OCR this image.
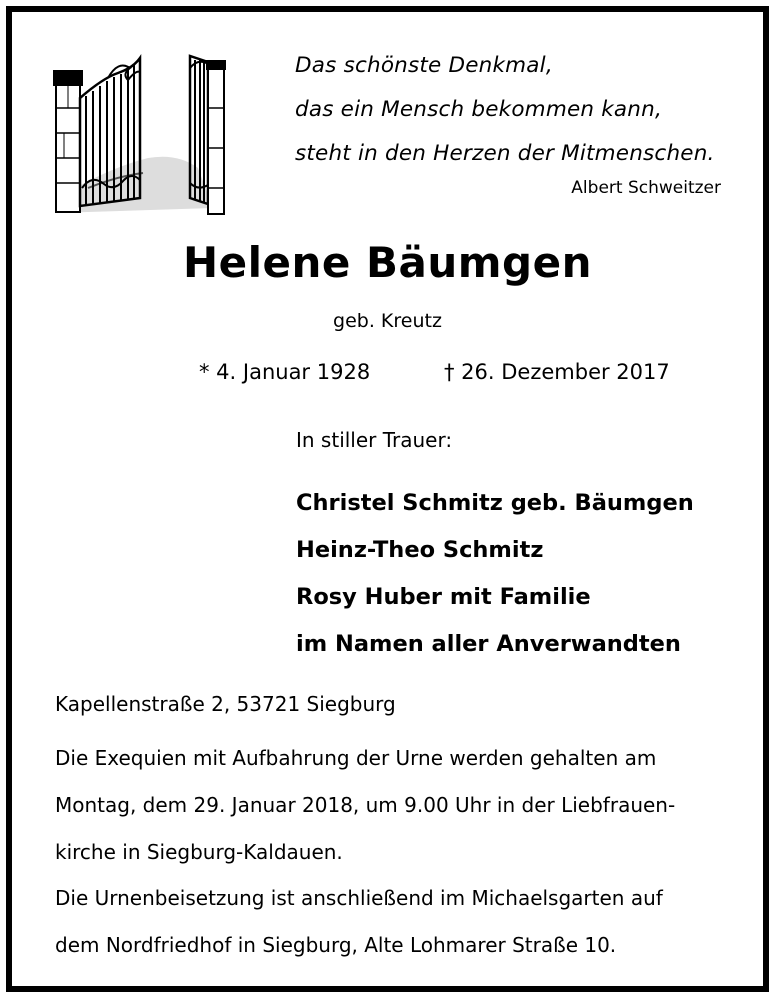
Das schönste Denkmal,
das ein Mensch bekommen kann,
steht in den Herzen der Mitmenschen.
Albert Schweitzer
Helene Bäumgen
geb. Kreutz
* 4. Januar 1928	† 26. Dezember 2017
In stiller Trauer:
Christel Schmitz geb. Bäumgen
Heinz-Theo Schmitz
Rosy Huber mit Familie
im Namen aller Anverwandten
Kapellenstraße 2, 53721 Siegburg
Die Exequien mit Aufbahrung der Urne werden gehalten am
Montag, dem 29. Januar 2018, um 9.00 Uhr in der Liebfrauen-
kirche in Siegburg-Kaldauen.
Die Urnenbeisetzung ist anschließend im Michaelsgarten auf
dem Nordfriedhof in Siegburg, Alte Lohmarer Straße 10.
